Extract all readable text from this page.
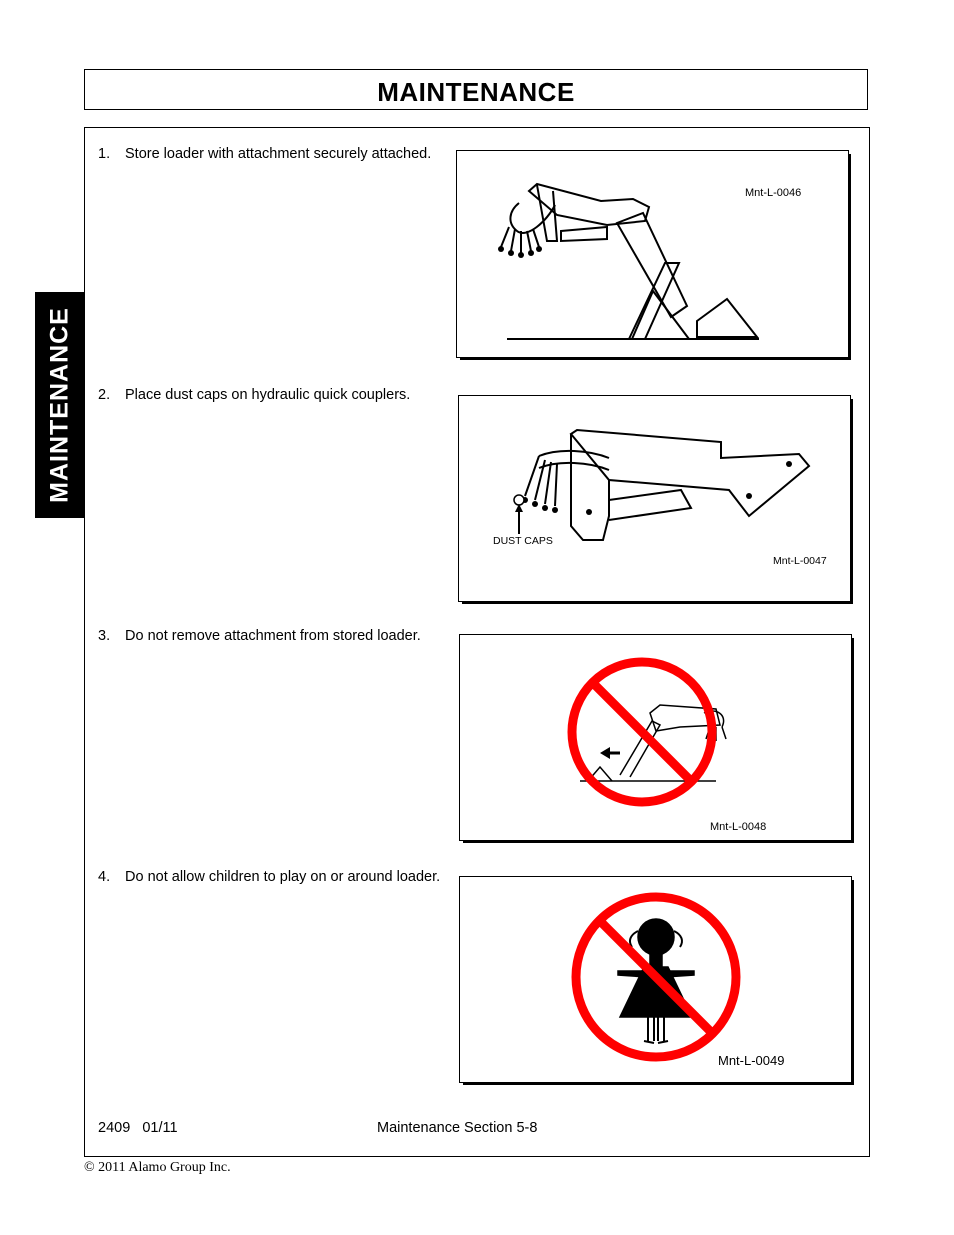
MAINTENANCE
MAINTENANCE
1. Store loader with attachment securely attached.
Mnt-L-0046
2. Place dust caps on hydraulic quick couplers.
DUST CAPS
Mnt-L-0047
3. Do not remove attachment from stored loader.
Mnt-L-0048
4. Do not allow children to play on or around loader.
Mnt-L-0049
2409   01/11	Maintenance Section 5-8
© 2011 Alamo Group Inc.
